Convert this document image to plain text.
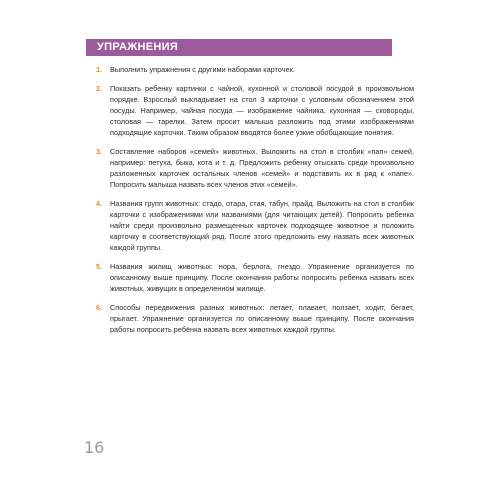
УПРАЖНЕНИЯ
1. Выполнить упражнения с другими наборами карточек.
2. Показать ребенку картинки с чайной, кухонной и столовой посудой в произвольном порядке. Взрослый выкладывает на стол 3 карточки с условным обозначением этой посуды. Например, чайная посуда — изображение чайника, кухонная — сковороды, столовая — тарелки. Затем просит малыша разложить под этими изображениями подходящие карточки. Таким образом вводятся более узкие обобщающие понятия.
3. Составление наборов «семей» животных. Выложить на стол в столбик «пап» семей, например: петуха, быка, кота и т. д. Предложить ребенку отыскать среди произвольно разложенных карточек остальных членов «семей» и подставить их в ряд к «папе». Попросить малыша назвать всех членов этих «семей».
4. Названия групп животных: стадо, отара, стая, табун, прайд. Выложить на стол в столбик карточки с изображениями или названиями (для читающих детей). Попросить ребенка найти среди произвольно размещенных карточек подходящее животное и положить карточку в соответствующий ряд. После этого предложить ему назвать всех животных каждой группы.
5. Названия жилищ животных: нора, берлога, гнездо. Упражнение организуется по описанному выше принципу. После окончания работы попросить ребенка назвать всех животных, живущих в определенном жилище.
6. Способы передвижения разных животных: летает, плавает, ползает, ходит, бегает, прыгает. Упражнение организуется по описанному выше принципу. После окончания работы попросить ребёнка назвать всех животных каждой группы.
16
